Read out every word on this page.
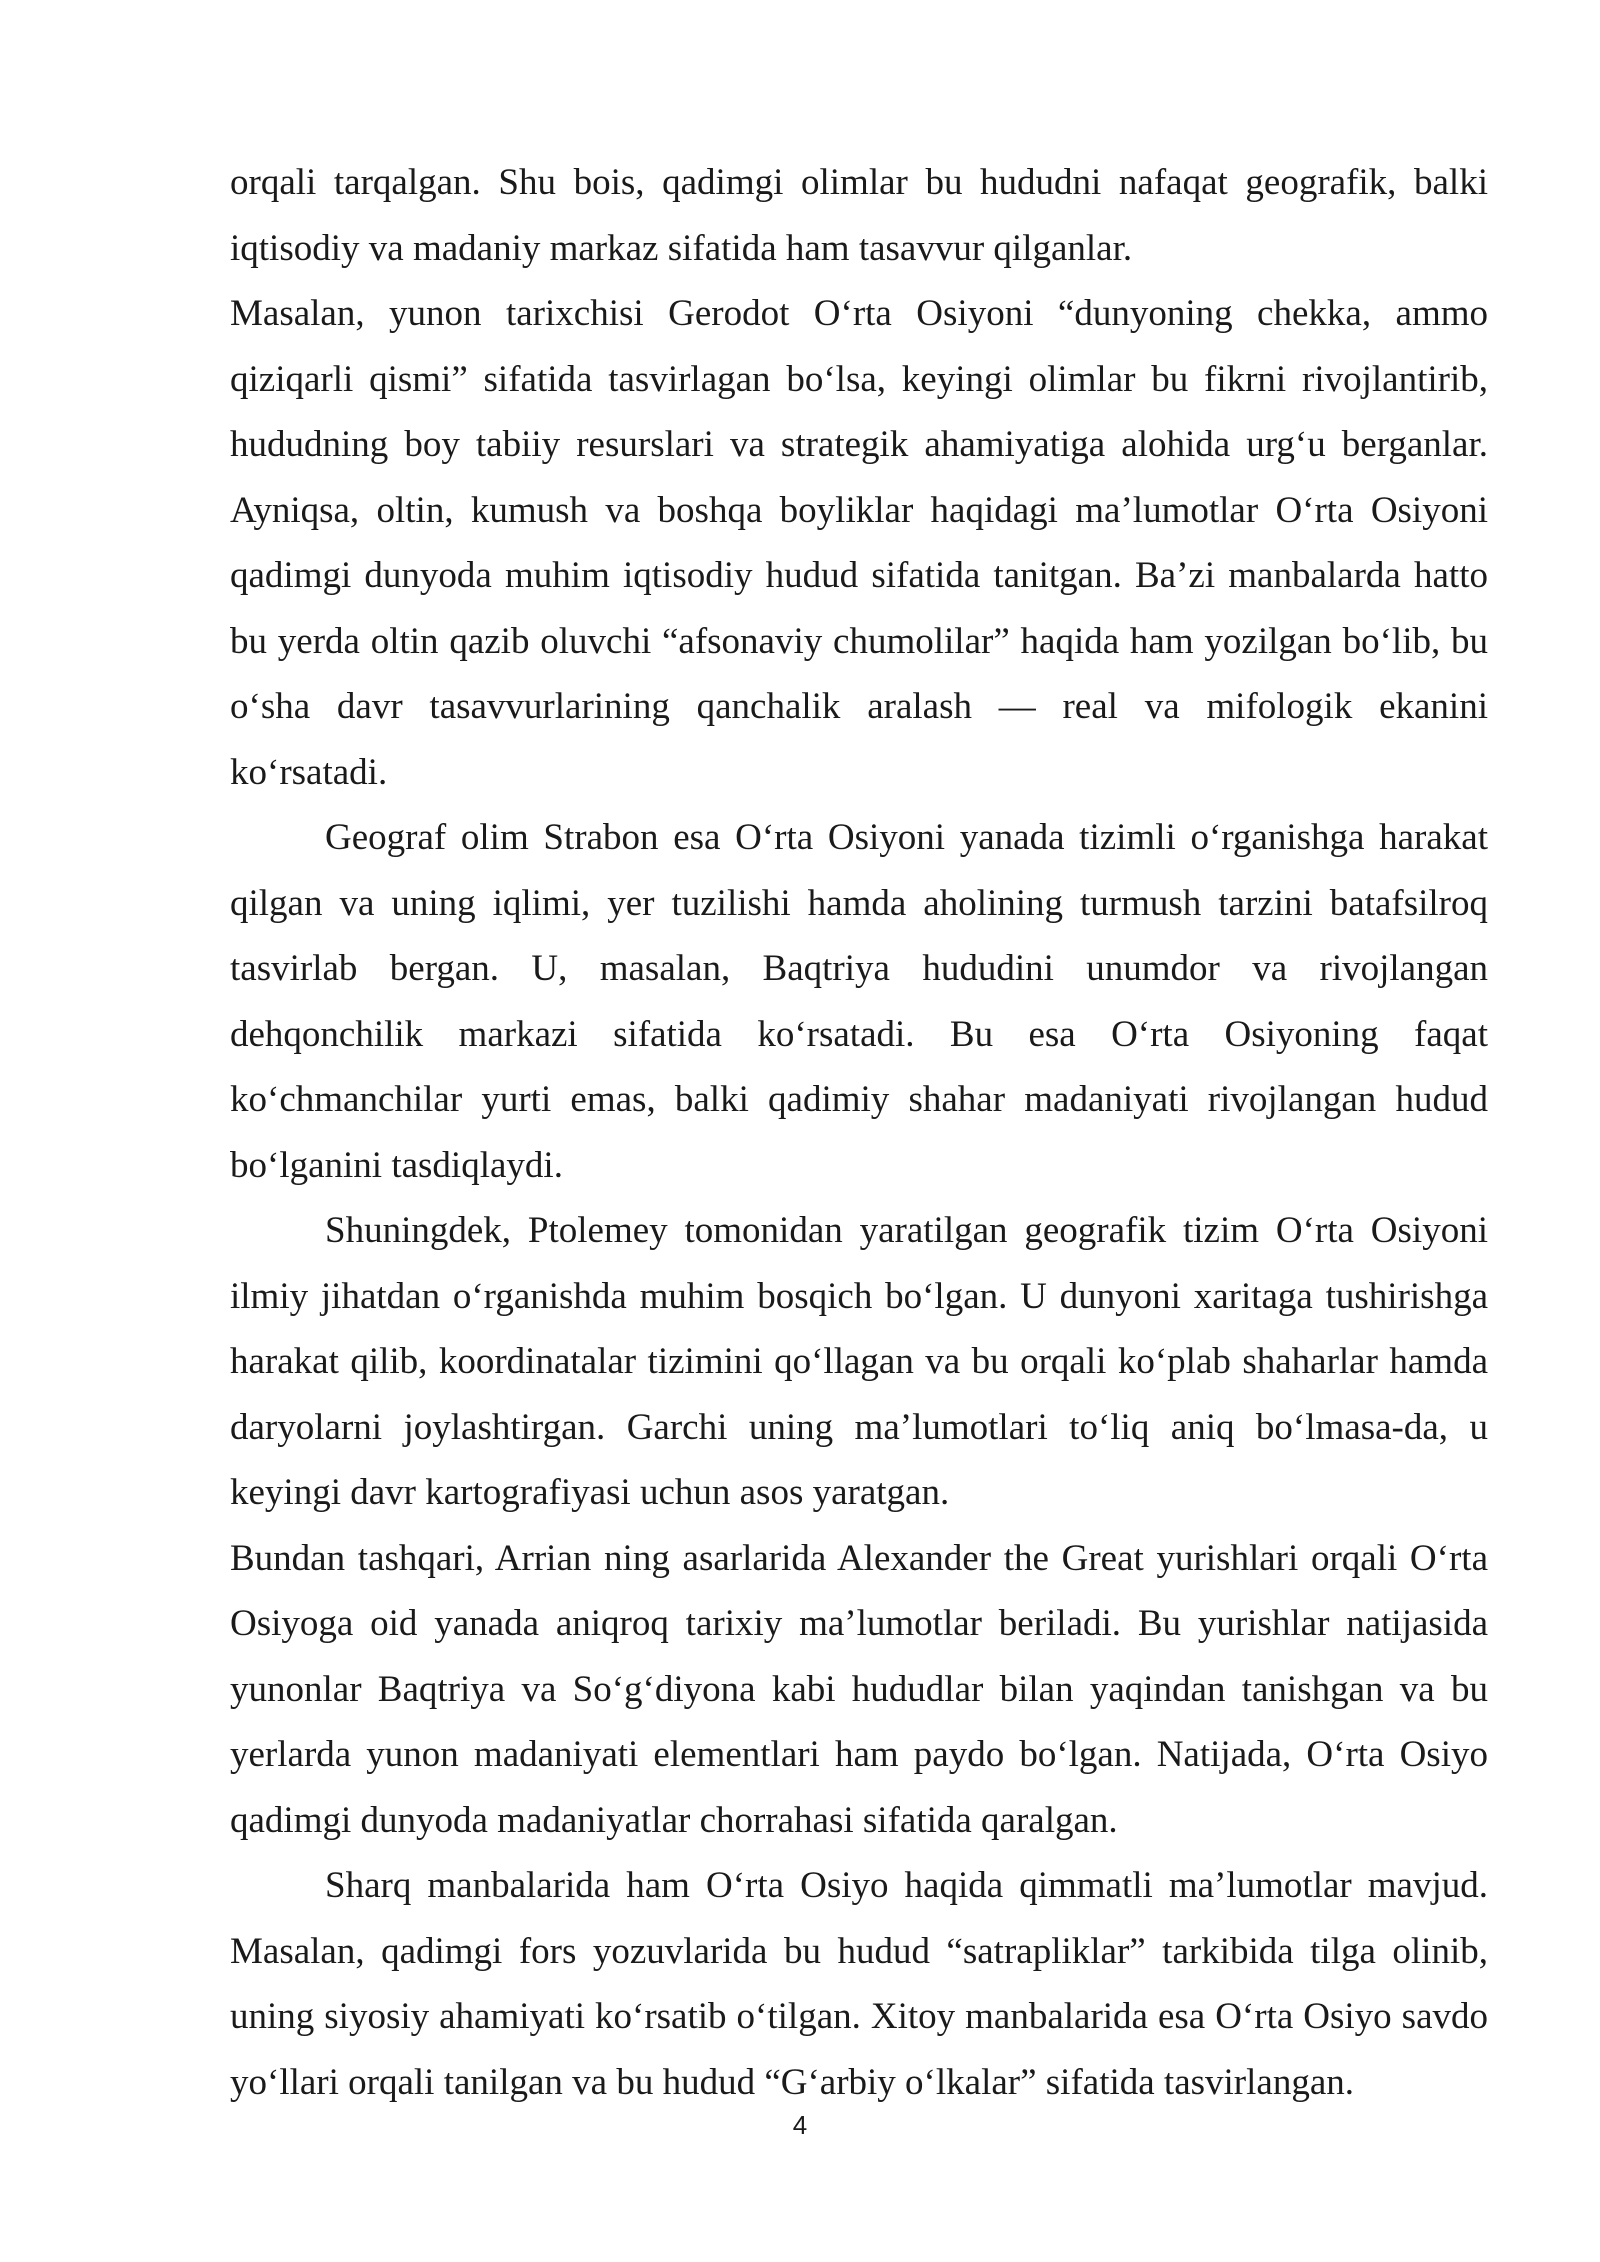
orqali tarqalgan. Shu bois, qadimgi olimlar bu hududni nafaqat geografik, balki iqtisodiy va madaniy markaz sifatida ham tasavvur qilganlar.

Masalan, yunon tarixchisi Gerodot O‘rta Osiyoni “dunyoning chekka, ammo qiziqarli qismi” sifatida tasvirlagan bo‘lsa, keyingi olimlar bu fikrni rivojlantirib, hududning boy tabiiy resurslari va strategik ahamiyatiga alohida urg‘u berganlar. Ayniqsa, oltin, kumush va boshqa boyliklar haqidagi ma’lumotlar O‘rta Osiyoni qadimgi dunyoda muhim iqtisodiy hudud sifatida tanitgan. Ba’zi manbalarda hatto bu yerda oltin qazib oluvchi “afsonaviy chumolilar” haqida ham yozilgan bo‘lib, bu o‘sha davr tasavvurlarining qanchalik aralash — real va mifologik ekanini ko‘rsatadi.

Geograf olim Strabon esa O‘rta Osiyoni yanada tizimli o‘rganishga harakat qilgan va uning iqlimi, yer tuzilishi hamda aholining turmush tarzini batafsilroq tasvirlab bergan. U, masalan, Baqtriya hududini unumdor va rivojlangan dehqonchilik markazi sifatida ko‘rsatadi. Bu esa O‘rta Osiyoning faqat ko‘chmanchilar yurti emas, balki qadimiy shahar madaniyati rivojlangan hudud bo‘lganini tasdiqlaydi.

Shuningdek, Ptolemey tomonidan yaratilgan geografik tizim O‘rta Osiyoni ilmiy jihatdan o‘rganishda muhim bosqich bo‘lgan. U dunyoni xaritaga tushirishga harakat qilib, koordinatalar tizimini qo‘llagan va bu orqali ko‘plab shaharlar hamda daryolarni joylashtirgan. Garchi uning ma’lumotlari to‘liq aniq bo‘lmasa-da, u keyingi davr kartografiyasi uchun asos yaratgan.

Bundan tashqari, Arrian ning asarlarida Alexander the Great yurishlari orqali O‘rta Osiyoga oid yanada aniqroq tarixiy ma’lumotlar beriladi. Bu yurishlar natijasida yunonlar Baqtriya va So‘g‘diyona kabi hududlar bilan yaqindan tanishgan va bu yerlarda yunon madaniyati elementlari ham paydo bo‘lgan. Natijada, O‘rta Osiyo qadimgi dunyoda madaniyatlar chorrahasi sifatida qaralgan.

Sharq manbalarida ham O‘rta Osiyo haqida qimmatli ma’lumotlar mavjud. Masalan, qadimgi fors yozuvlarida bu hudud “satrapliklar” tarkibida tilga olinib, uning siyosiy ahamiyati ko‘rsatib o‘tilgan. Xitoy manbalarida esa O‘rta Osiyo savdo yo‘llari orqali tanilgan va bu hudud “G‘arbiy o‘lkalar” sifatida tasvirlangan.

4
